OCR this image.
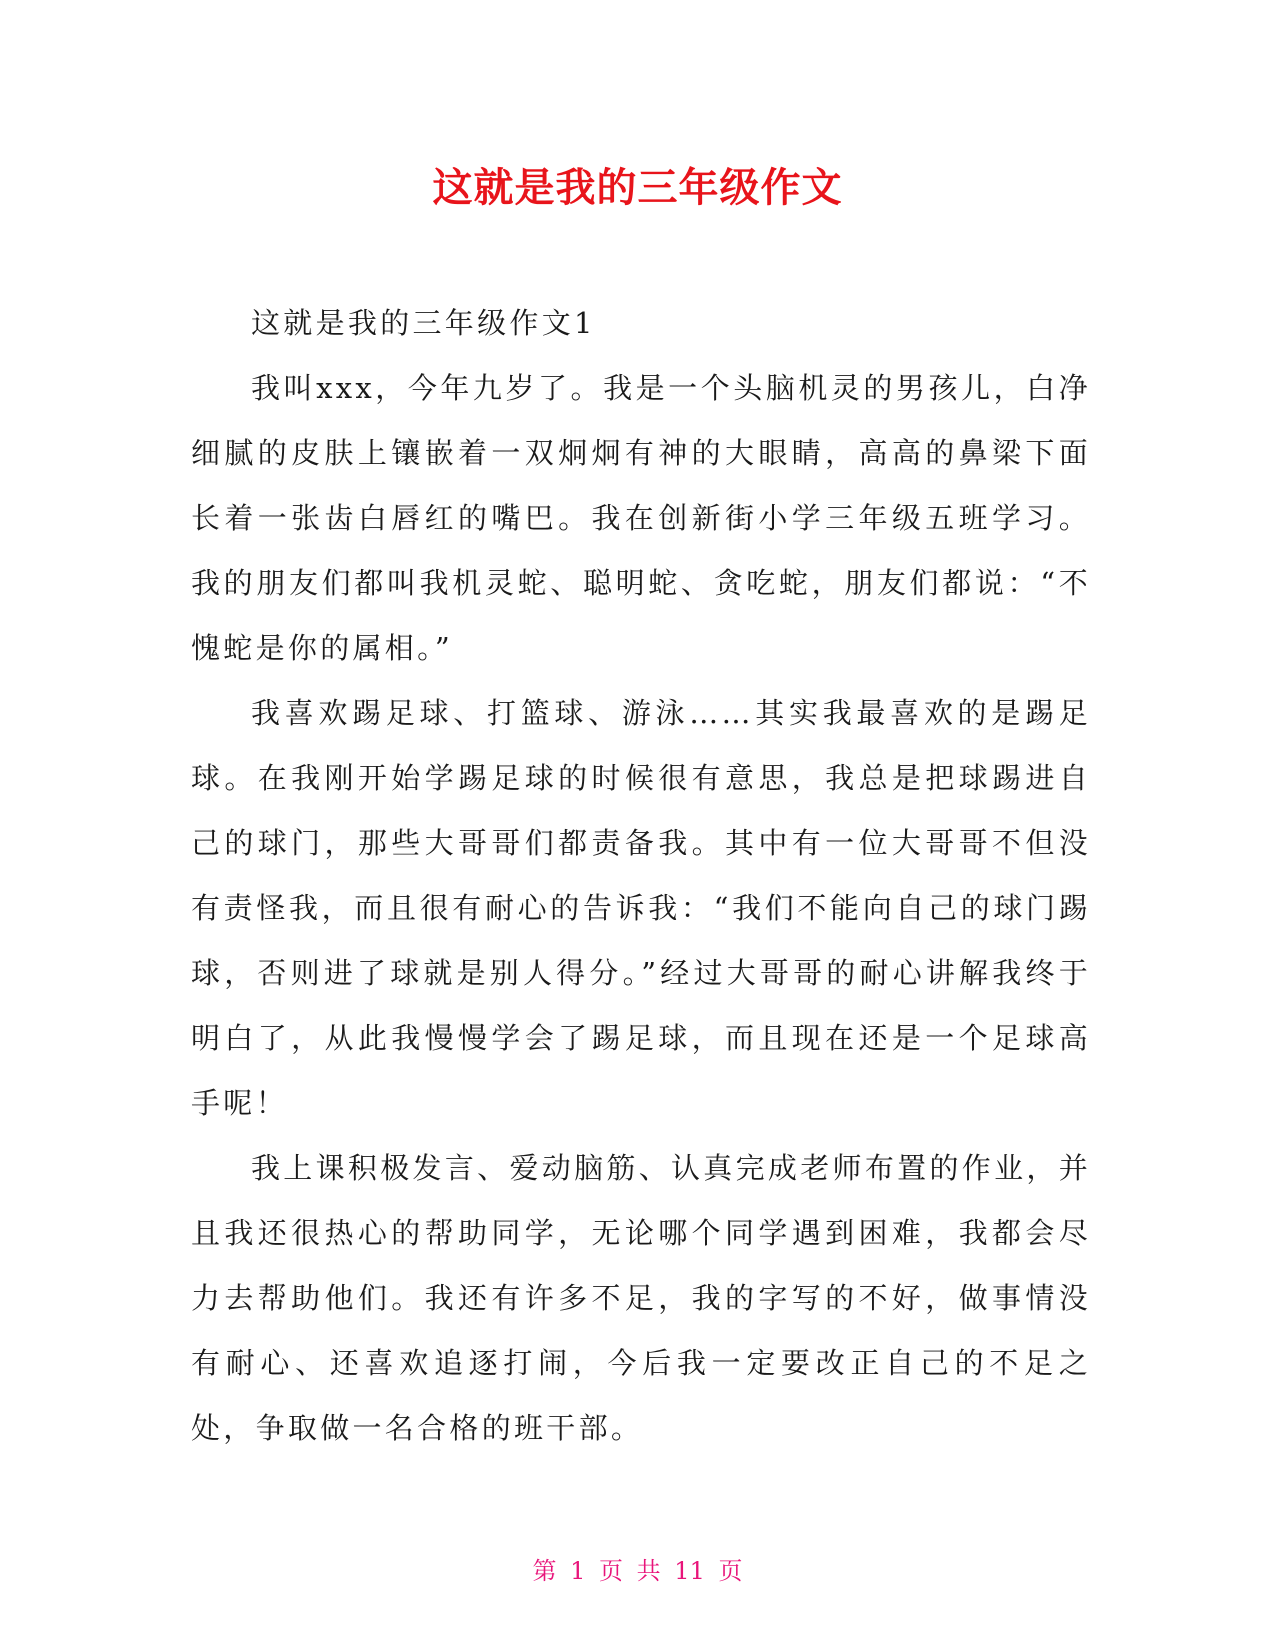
这就是我的三年级作文

这就是我的三年级作文1

我叫xxx，今年九岁了。我是一个头脑机灵的男孩儿，白净细腻的皮肤上镶嵌着一双炯炯有神的大眼睛，高高的鼻梁下面长着一张齿白唇红的嘴巴。我在创新街小学三年级五班学习。我的朋友们都叫我机灵蛇、聪明蛇、贪吃蛇，朋友们都说：“不愧蛇是你的属相。”

我喜欢踢足球、打篮球、游泳……其实我最喜欢的是踢足球。在我刚开始学踢足球的时候很有意思，我总是把球踢进自己的球门，那些大哥哥们都责备我。其中有一位大哥哥不但没有责怪我，而且很有耐心的告诉我：“我们不能向自己的球门踢球，否则进了球就是别人得分。”经过大哥哥的耐心讲解我终于明白了，从此我慢慢学会了踢足球，而且现在还是一个足球高手呢！

我上课积极发言、爱动脑筋、认真完成老师布置的作业，并且我还很热心的帮助同学，无论哪个同学遇到困难，我都会尽力去帮助他们。我还有许多不足，我的字写的不好，做事情没有耐心、还喜欢追逐打闹，今后我一定要改正自己的不足之处，争取做一名合格的班干部。

第 1 页 共 11 页
